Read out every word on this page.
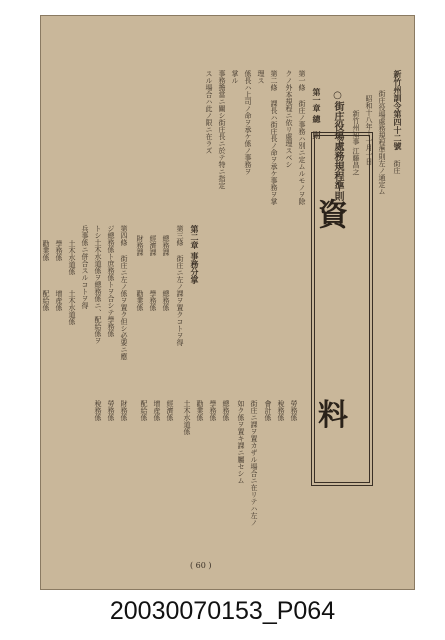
新竹州訓令第四十二號
街庄
街庄役場處務規程準則左ノ通定ム
昭和十八年十一月一日
新竹州知事 江藤昌之
○街庄役場處務規程準則
第一章 總　則
第一條
街庄ノ事務ハ別ニ定ムルモノヲ除
クノ外本規程ニ依リ處理スベシ
第二條
課長ハ街庄長ノ命ヲ承ケ事務ヲ掌
理ス
係長ハ上司ノ命ヲ承ケ係ノ事務ヲ
掌ル
事務擔當ニ關シ街庄長ニ於テ特ニ指定
スル場合ハ此ノ限ニ在ラズ
第二章 事務分掌
第三條
街庄ニ左ノ課ヲ置クコトヲ得
總務課
經濟課
財務課
第四條
街庄ニ左ノ係ヲ置ク但シ必要ニ應
ジ總務係ト庶務係トヲ合シテ學務係
トシ土木水道係ヲ總務係ニ、配給係ヲ
兵事係ニ併合スルコトヲ得	總務係
學務係
勸業係
土木水道係
學務係
勸業係
土木水道係
增産係
配給係
勞務係
稅務係
會計係
街庄ニ課ヲ置カザル場合ニ在リテハ左ノ
如ク係ヲ置キ課ニ屬セシム
總務係
學務係
勸業係
土木水道係
經濟係
增産係
配給係
財務係
勞務係
稅務係
資
料
( 60 )
20030070153_P064
